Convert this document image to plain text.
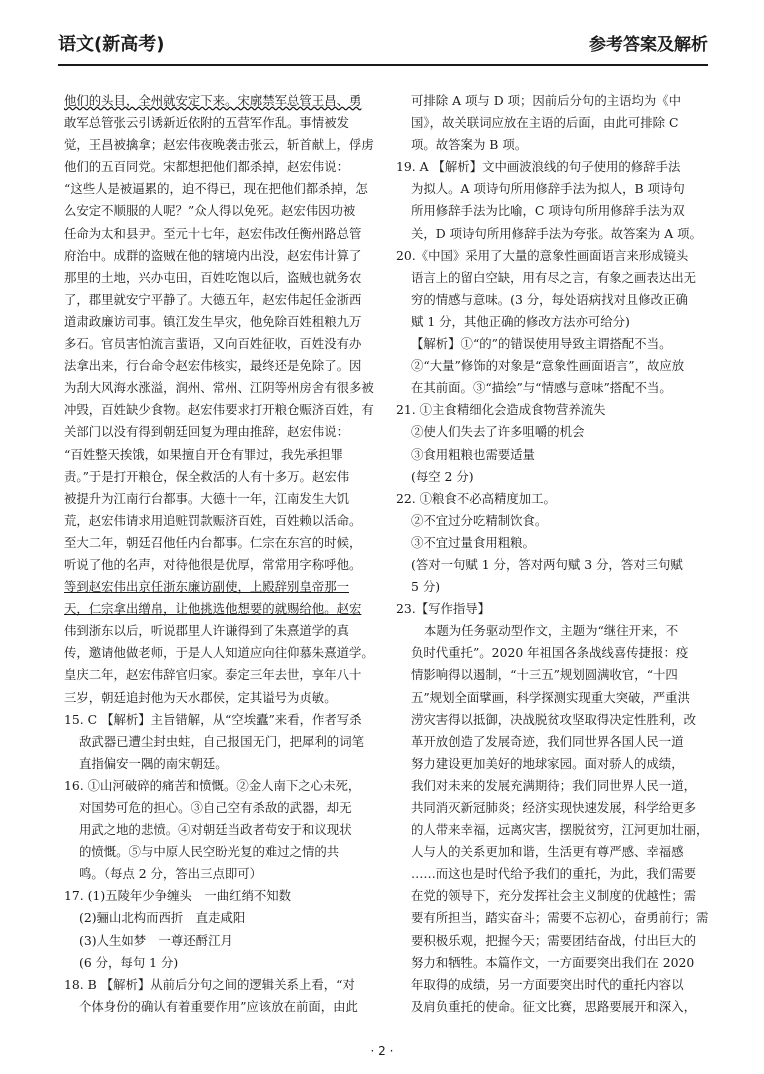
语文(新高考)	参考答案及解析
他们的头目，全州就安定下来。宋廓禁军总管王昌、勇
敢军总管张云引诱新近依附的五营军作乱。事情被发
觉，王昌被擒拿；赵宏伟夜晚袭击张云，斩首献上，俘虏
他们的五百同党。宋都想把他们都杀掉，赵宏伟说：
“这些人是被逼累的，迫不得已，现在把他们都杀掉，怎
么安定不顺服的人呢？”众人得以免死。赵宏伟因功被
任命为太和县尹。至元十七年，赵宏伟改任衡州路总管
府治中。成群的盗贼在他的辖境内出没，赵宏伟计算了
那里的土地，兴办屯田，百姓吃饱以后，盗贼也就务农
了，郡里就安宁平静了。大德五年，赵宏伟起任金浙西
道肃政廉访司事。镇江发生旱灾，他免除百姓租粮九万
多石。官员害怕流言蜚语，又向百姓征收，百姓没有办
法拿出来，行台命令赵宏伟核实，最终还是免除了。因
为刮大风海水涨溢，润州、常州、江阴等州房舍有很多被
冲毁，百姓缺少食物。赵宏伟要求打开粮仓赈济百姓，有
关部门以没有得到朝廷回复为理由推辞，赵宏伟说：
“百姓整天挨饿，如果擅自开仓有罪过，我先承担罪
责。”于是打开粮仓，保全救活的人有十多万。赵宏伟
被提升为江南行台都事。大德十一年，江南发生大饥
荒，赵宏伟请求用追赃罚款赈济百姓，百姓赖以活命。
至大二年，朝廷召他任内台都事。仁宗在东宫的时候，
听说了他的名声，对待他很是优厚，常常用字称呼他。
等到赵宏伟出京任浙东廉访副使，上殿辞别皇帝那一
天，仁宗拿出缯帛，让他挑选他想要的就赐给他。赵宏
伟到浙东以后，听说郡里人许谦得到了朱熹道学的真
传，邀请他做老师，于是人人知道应向往仰慕朱熹道学。
皇庆二年，赵宏伟辞官归家。泰定三年去世，享年八十
三岁，朝廷追封他为天水郡侯，定其谥号为贞敏。
15. C 【解析】主旨错解，从“空埃蠹”来看，作者写杀
敌武器已遭尘封虫蛀，自己报国无门，把犀利的词笔
直指偏安一隅的南宋朝廷。
16. ①山河破碎的痛苦和愤慨。②金人南下之心未死，
对国势可危的担心。③自己空有杀敌的武器，却无
用武之地的悲愤。④对朝廷当政者苟安于和议现状
的愤慨。⑤与中原人民空盼光复的难过之情的共
鸣。（每点 2 分，答出三点即可）
17. (1)五陵年少争缠头　一曲红绡不知数
(2)骊山北构而西折　直走咸阳
(3)人生如梦　一尊还酹江月
(6 分，每句 1 分)
18. B 【解析】从前后分句之间的逻辑关系上看，“对
个体身份的确认有着重要作用”应该放在前面，由此
可排除 A 项与 D 项；因前后分句的主语均为《中
国》，故关联词应放在主语的后面，由此可排除 C
项。故答案为 B 项。
19. A 【解析】文中画波浪线的句子使用的修辞手法
为拟人。A 项诗句所用修辞手法为拟人，B 项诗句
所用修辞手法为比喻，C 项诗句所用修辞手法为双
关，D 项诗句所用修辞手法为夸张。故答案为 A 项。
20.《中国》采用了大量的意象性画面语言来形成镜头
语言上的留白空缺，用有尽之言，有象之画表达出无
穷的情感与意味。(3 分，每处语病找对且修改正确
赋 1 分，其他正确的修改方法亦可给分)
【解析】①“的”的错误使用导致主谓搭配不当。
②“大量”修饰的对象是“意象性画面语言”，故应放
在其前面。③“描绘”与“情感与意味”搭配不当。
21. ①主食精细化会造成食物营养流失
②使人们失去了许多咀嚼的机会
③食用粗粮也需要适量
(每空 2 分)
22. ①粮食不必高精度加工。
②不宜过分吃精制饮食。
③不宜过量食用粗粮。
(答对一句赋 1 分，答对两句赋 3 分，答对三句赋
5 分)
23.【写作指导】
本题为任务驱动型作文，主题为“继往开来，不
负时代重托”。2020 年祖国各条战线喜传捷报：疫
情影响得以遏制，“十三五”规划圆满收官，“十四
五”规划全面擘画，科学探测实现重大突破，严重洪
涝灾害得以抵御，决战脱贫攻坚取得决定性胜利，改
革开放创造了发展奇迹，我们同世界各国人民一道
努力建设更加美好的地球家园。面对骄人的成绩，
我们对未来的发展充满期待；我们同世界人民一道，
共同消灭新冠肺炎；经济实现快速发展，科学给更多
的人带来幸福，远离灾害，摆脱贫穷，江河更加壮丽，
人与人的关系更加和谐，生活更有尊严感、幸福感
……而这也是时代给予我们的重托，为此，我们需要
在党的领导下，充分发挥社会主义制度的优越性；需
要有所担当，踏实奋斗；需要不忘初心，奋勇前行；需
要积极乐观，把握今天；需要团结奋战，付出巨大的
努力和牺牲。本篇作文，一方面要突出我们在 2020
年取得的成绩，另一方面要突出时代的重托内容以
及肩负重托的使命。征文比赛，思路要展开和深入，
· 2 ·
